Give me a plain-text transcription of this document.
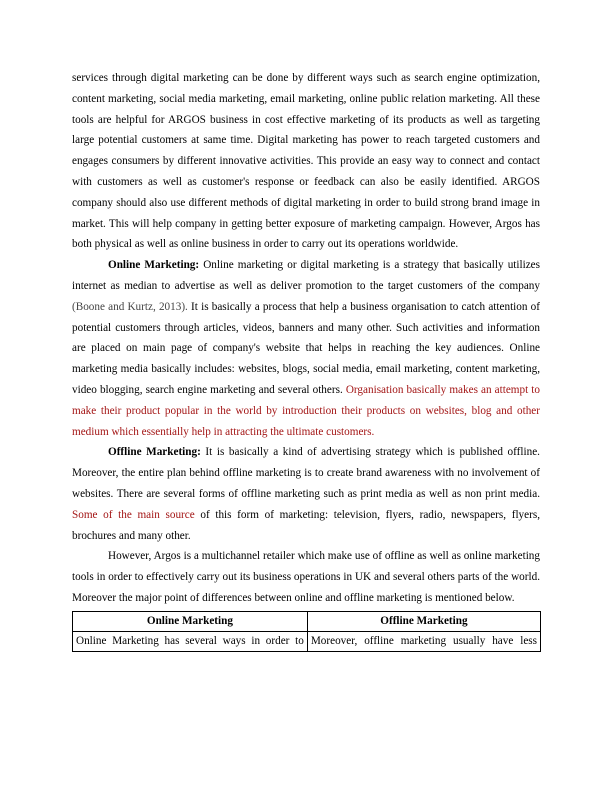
services through digital marketing can be done by different ways such as search engine optimization, content marketing, social media marketing, email marketing, online public relation marketing. All these tools are helpful for ARGOS business in cost effective marketing of its products as well as targeting large potential customers at same time. Digital marketing has power to reach targeted customers and engages consumers by different innovative activities. This provide an easy way to connect and contact with customers as well as customer's response or feedback can also be easily identified. ARGOS company should also use different methods of digital marketing in order to build strong brand image in market. This will help company in getting better exposure of marketing campaign. However, Argos has both physical as well as online business in order to carry out its operations worldwide.

Online Marketing: Online marketing or digital marketing is a strategy that basically utilizes internet as median to advertise as well as deliver promotion to the target customers of the company (Boone and Kurtz, 2013). It is basically a process that help a business organisation to catch attention of potential customers through articles, videos, banners and many other. Such activities and information are placed on main page of company's website that helps in reaching the key audiences. Online marketing media basically includes: websites, blogs, social media, email marketing, content marketing, video blogging, search engine marketing and several others. Organisation basically makes an attempt to make their product popular in the world by introduction their products on websites, blog and other medium which essentially help in attracting the ultimate customers.

Offline Marketing: It is basically a kind of advertising strategy which is published offline. Moreover, the entire plan behind offline marketing is to create brand awareness with no involvement of websites. There are several forms of offline marketing such as print media as well as non print media. Some of the main source of this form of marketing: television, flyers, radio, newspapers, flyers, brochures and many other.

However, Argos is a multichannel retailer which make use of offline as well as online marketing tools in order to effectively carry out its business operations in UK and several others parts of the world. Moreover the major point of differences between online and offline marketing is mentioned below.

Online Marketing	Offline Marketing
Online Marketing has several ways in order to	Moreover, offline marketing usually have less
